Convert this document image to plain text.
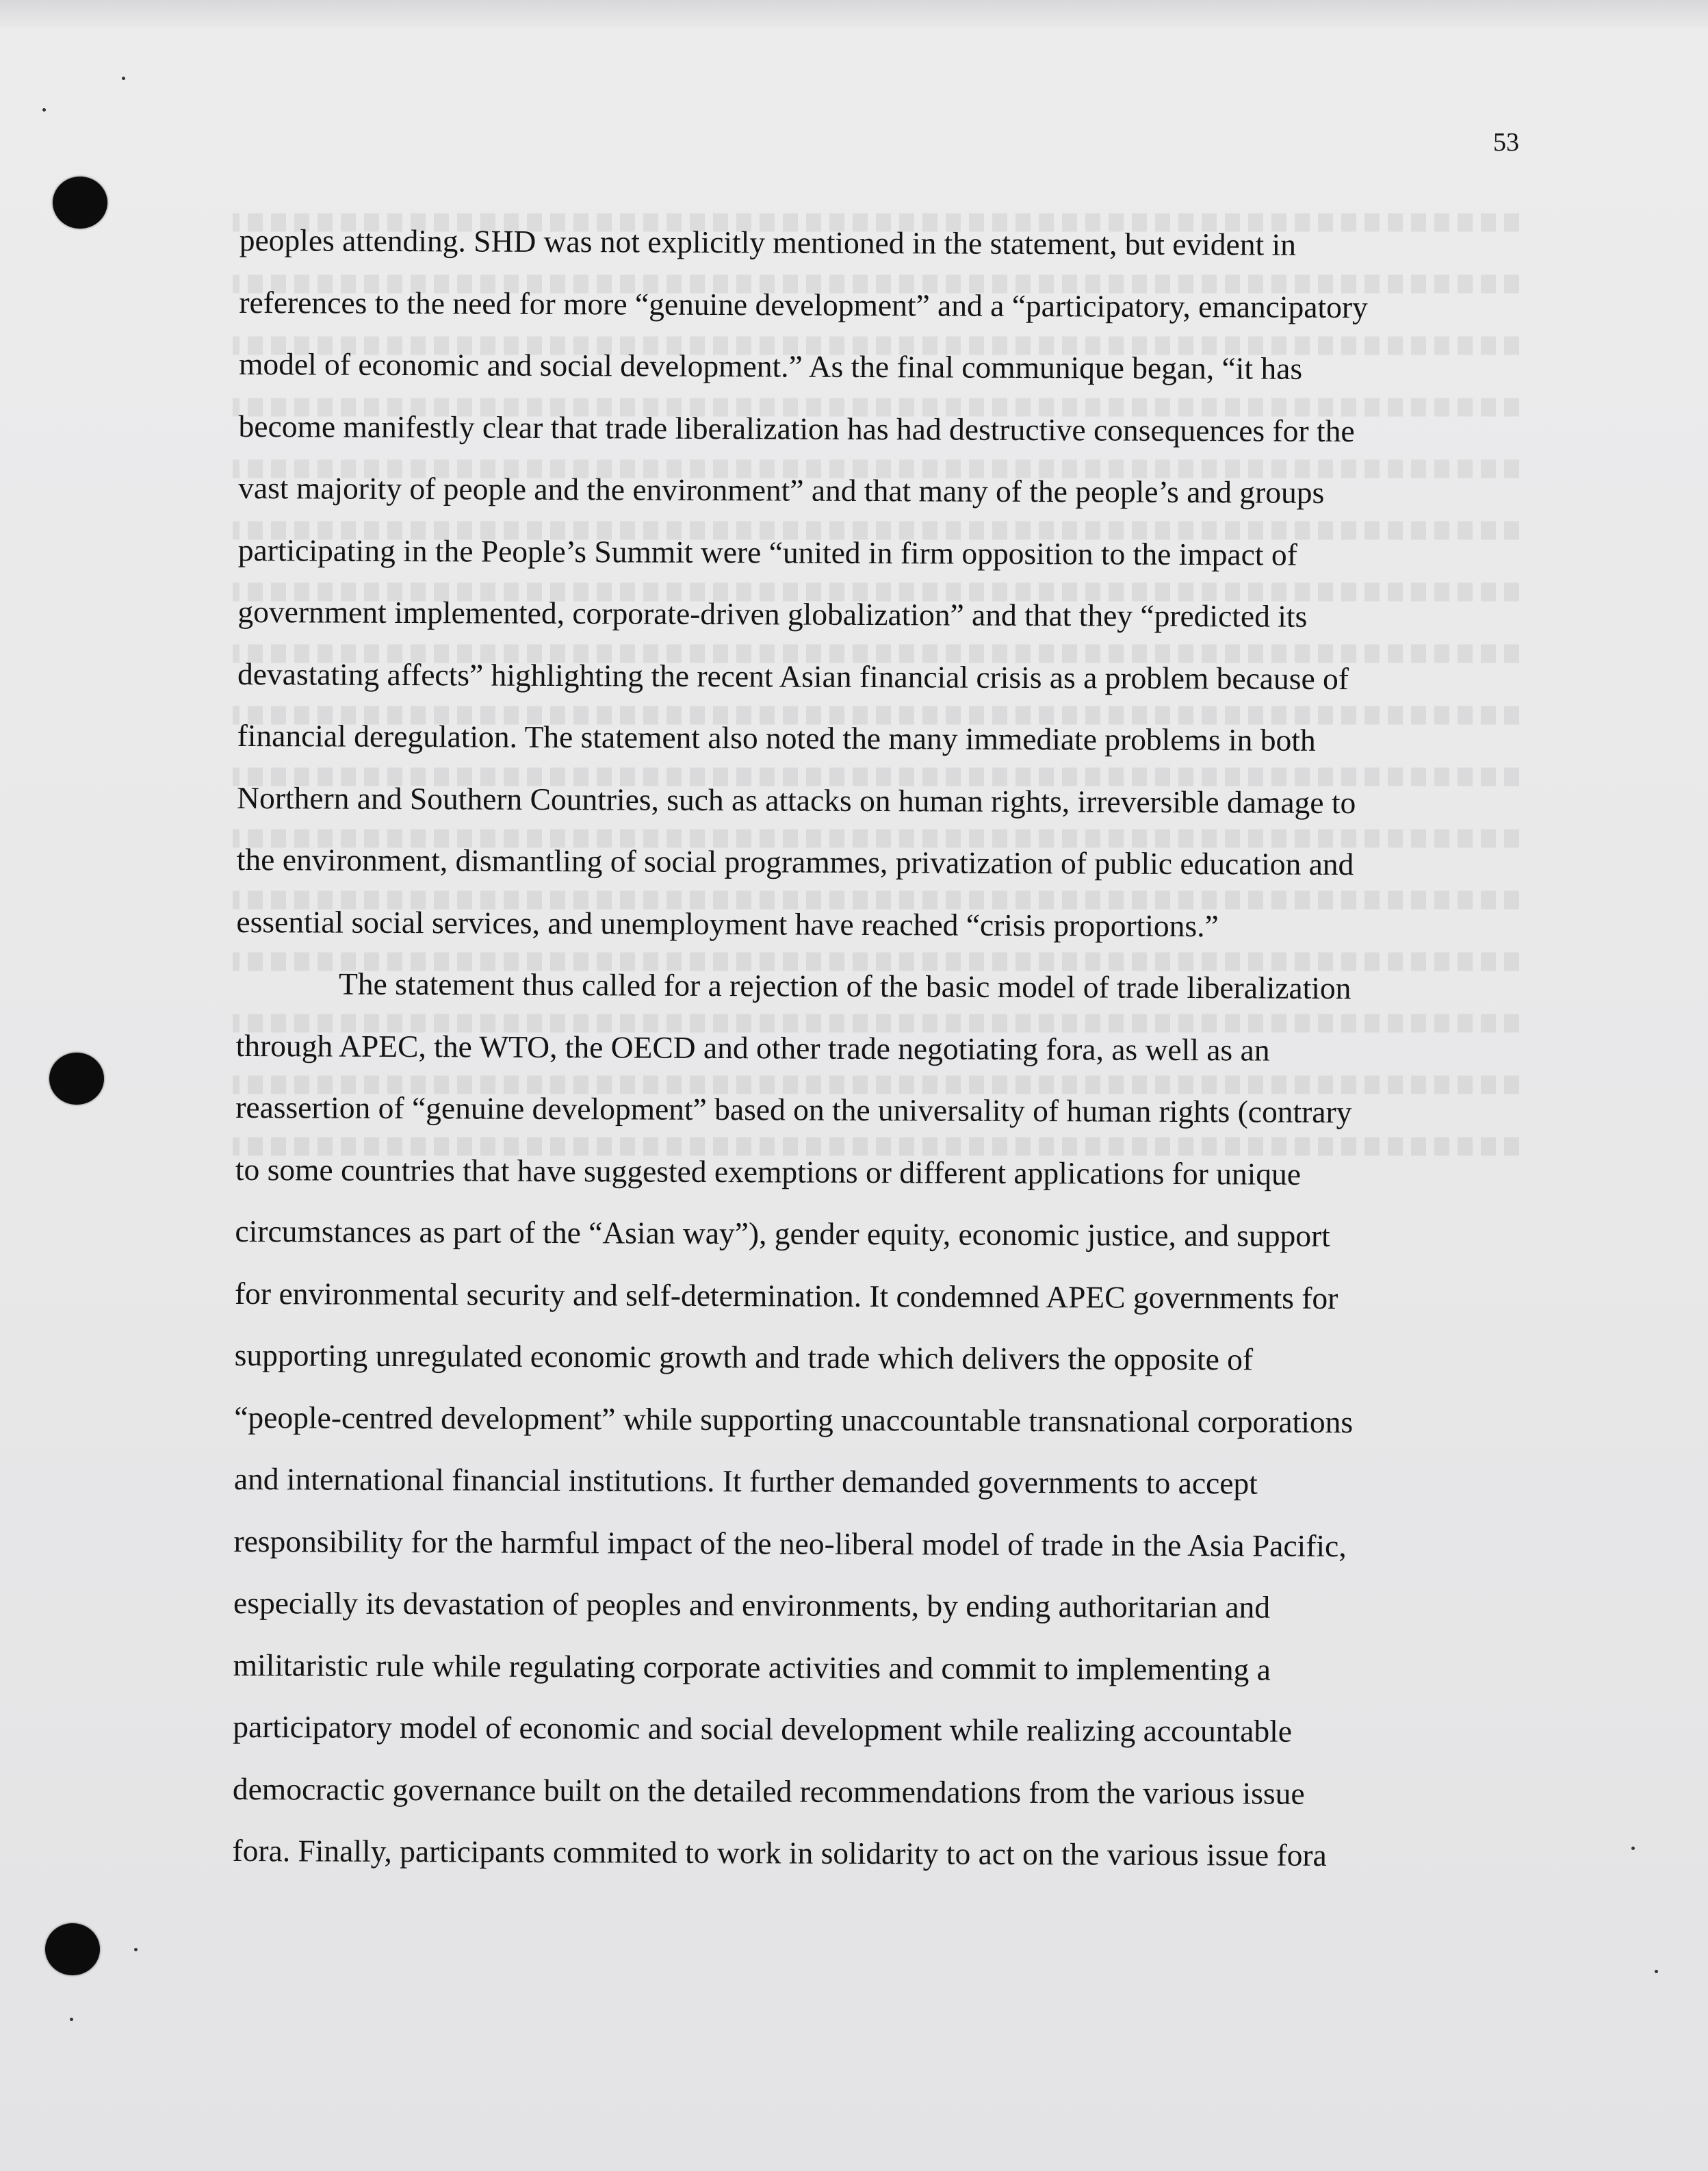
53

peoples attending. SHD was not explicitly mentioned in the statement, but evident in
references to the need for more “genuine development” and a “participatory, emancipatory
model of economic and social development.” As the final communique began, “it has
become manifestly clear that trade liberalization has had destructive consequences for the
vast majority of people and the environment” and that many of the people’s and groups
participating in the People’s Summit were “united in firm opposition to the impact of
government implemented, corporate-driven globalization” and that they “predicted its
devastating affects” highlighting the recent Asian financial crisis as a problem because of
financial deregulation. The statement also noted the many immediate problems in both
Northern and Southern Countries, such as attacks on human rights, irreversible damage to
the environment, dismantling of social programmes, privatization of public education and
essential social services, and unemployment have reached “crisis proportions.”

The statement thus called for a rejection of the basic model of trade liberalization
through APEC, the WTO, the OECD and other trade negotiating fora, as well as an
reassertion of “genuine development” based on the universality of human rights (contrary
to some countries that have suggested exemptions or different applications for unique
circumstances as part of the “Asian way”), gender equity, economic justice, and support
for environmental security and self-determination. It condemned APEC governments for
supporting unregulated economic growth and trade which delivers the opposite of
“people-centred development” while supporting unaccountable transnational corporations
and international financial institutions. It further demanded governments to accept
responsibility for the harmful impact of the neo-liberal model of trade in the Asia Pacific,
especially its devastation of peoples and environments, by ending authoritarian and
militaristic rule while regulating corporate activities and commit to implementing a
participatory model of economic and social development while realizing accountable
democractic governance built on the detailed recommendations from the various issue
fora. Finally, participants commited to work in solidarity to act on the various issue fora
